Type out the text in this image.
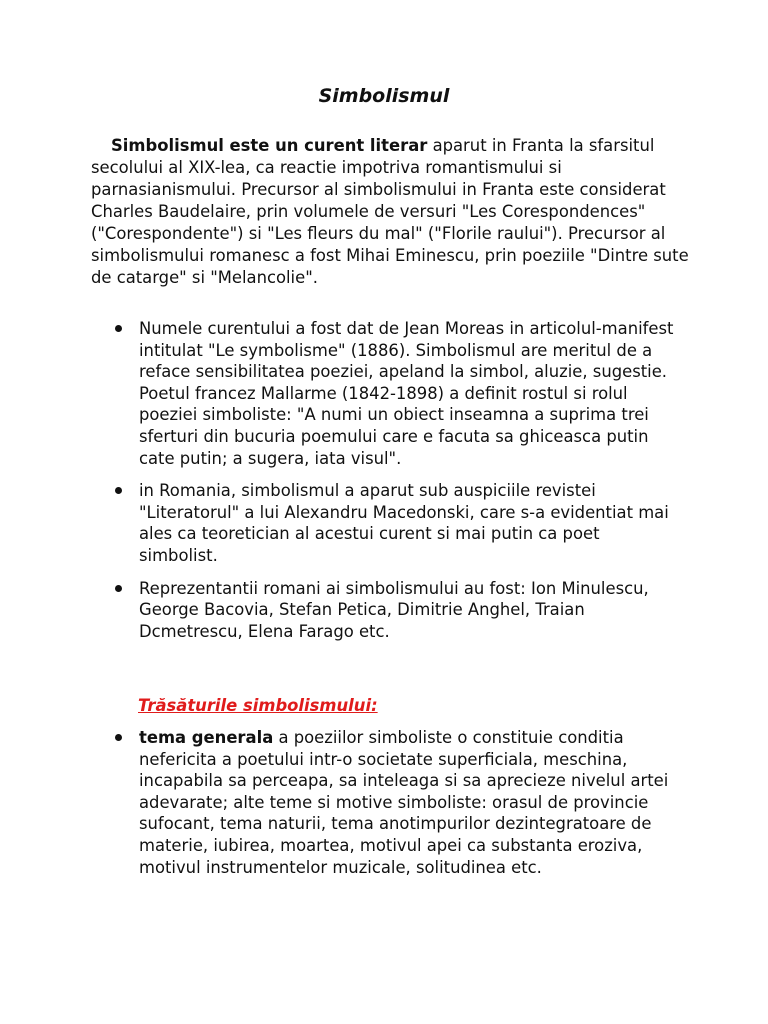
Simbolismul

Simbolismul este un curent literar aparut in Franta la sfarsitul secolului al XIX-lea, ca reactie impotriva romantismului si parnasianismului. Precursor al simbolismului in Franta este considerat Charles Baudelaire, prin volumele de versuri "Les Corespondences" ("Corespondente") si "Les fleurs du mal" ("Florile raului"). Precursor al simbolismului romanesc a fost Mihai Eminescu, prin poeziile "Dintre sute de catarge" si "Melancolie".

Numele curentului a fost dat de Jean Moreas in articolul-manifest intitulat "Le symbolisme" (1886). Simbolismul are meritul de a reface sensibilitatea poeziei, apeland la simbol, aluzie, sugestie. Poetul francez Mallarme (1842-1898) a definit rostul si rolul poeziei simboliste: "A numi un obiect inseamna a suprima trei sferturi din bucuria poemului care e facuta sa ghiceasca putin cate putin; a sugera, iata visul".
in Romania, simbolismul a aparut sub auspiciile revistei "Literatorul" a lui Alexandru Macedonski, care s-a evidentiat mai ales ca teoretician al acestui curent si mai putin ca poet simbolist.
Reprezentantii romani ai simbolismului au fost: Ion Minulescu, George Bacovia, Stefan Petica, Dimitrie Anghel, Traian Dcmetrescu, Elena Farago etc.
Trăsăturile simbolismului:
tema generala a poeziilor simboliste o constituie conditia nefericita a poetului intr-o societate superficiala, meschina, incapabila sa perceapa, sa inteleaga si sa aprecieze nivelul artei adevarate; alte teme si motive simboliste: orasul de provincie sufocant, tema naturii, tema anotimpurilor dezintegratoare de materie, iubirea, moartea, motivul apei ca substanta eroziva, motivul instrumentelor muzicale, solitudinea etc.
